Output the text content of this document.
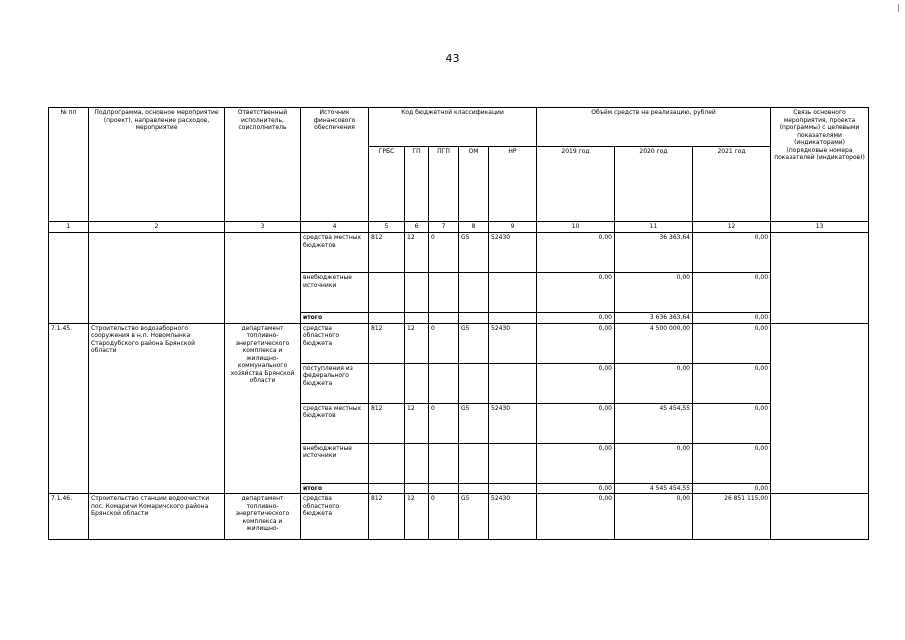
43
№ пп	Подпрограмма, основное мероприятие (проект), направление расходов, мероприятие	Ответственный исполнитель, соисполнитель	Источник финансового обеспечения	Код бюджетной классификации					Объём средств на реализацию, рублей			Связь основного мероприятия, проекта (программы) с целевыми показателями (индикаторами) (порядковые номера показателей (индикаторов))
				ГРБС	ГП	ПГП	ОМ	НР	2019 год	2020 год	2021 год	
1	2	3	4	5	6	7	8	9	10	11	12	13
			средства местных бюджетов	812	12	0	G5	52430	0,00	36 363,64	0,00	
			внебюджетные источники						0,00	0,00	0,00	
			итого						0,00	3 636 363,64	0,00	
7.1.45.	Строительство водозаборного сооружения в н.п. Новомлынка Стародубского района Брянской области	департамент топливно-энергетического комплекса и жилищно-коммунального хозяйства Брянской области	средства областного бюджета	812	12	0	G5	52430	0,00	4 500 000,00	0,00	
			поступления из федерального бюджета						0,00	0,00	0,00	
			средства местных бюджетов	812	12	0	G5	52430	0,00	45 454,55	0,00	
			внебюджетные источники						0,00	0,00	0,00	
			итого						0,00	4 545 454,55	0,00	
7.1.46.	Строительство станции водоочистки пос. Комаричи Комаричского района Брянской области	департамент топливно-энергетического комплекса и жилищно-	средства областного бюджета	812	12	0	G5	52430	0,00	0,00	26 851 115,00	
